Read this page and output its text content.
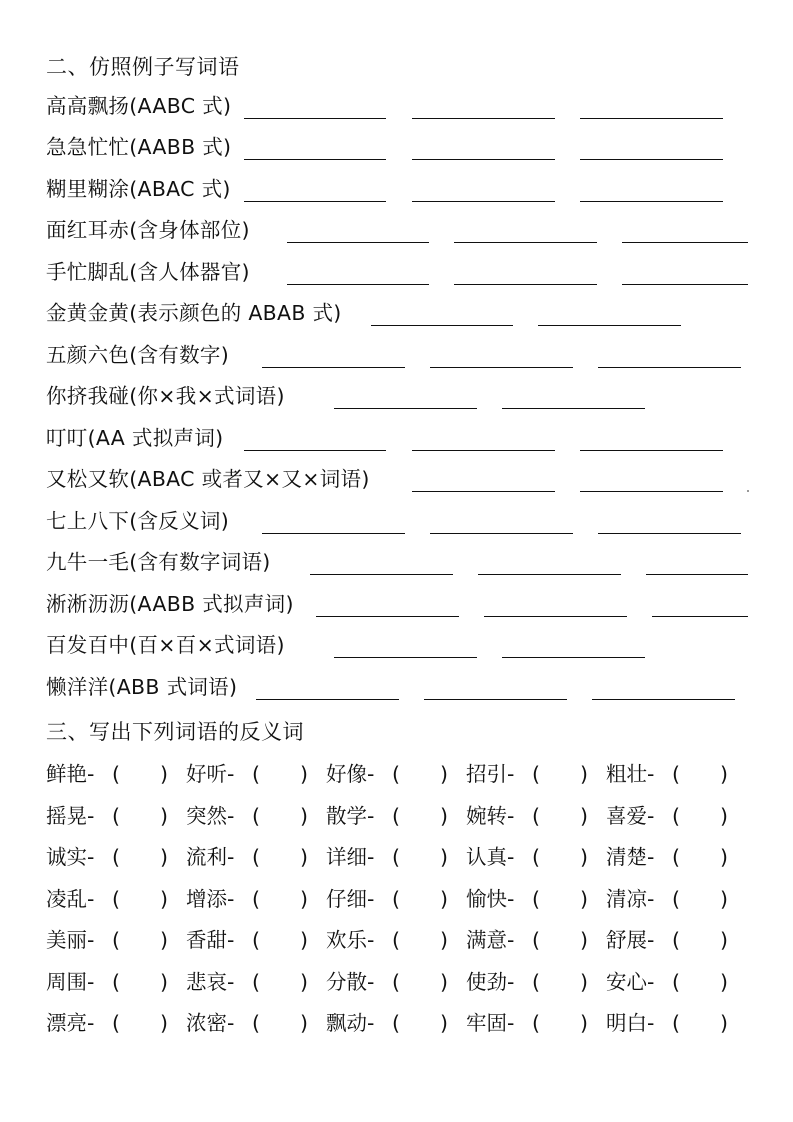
二、仿照例子写词语
高高飘扬(AABC 式)
急急忙忙(AABB 式)
糊里糊涂(ABAC 式)
面红耳赤(含身体部位)
手忙脚乱(含人体器官)
金黄金黄(表示颜色的 ABAB 式)
五颜六色(含有数字)
你挤我碰(你×我×式词语)
叮叮(AA 式拟声词)
又松又软(ABAC 或者又×又×词语)
七上八下(含反义词)
九牛一毛(含有数字词语)
淅淅沥沥(AABB 式拟声词)
百发百中(百×百×式词语)
懒洋洋(ABB 式词语)
三、写出下列词语的反义词
鲜艳- ( ) 好听- ( ) 好像- ( ) 招引- ( ) 粗壮- ( )
摇晃- ( ) 突然- ( ) 散学- ( ) 婉转- ( ) 喜爱- ( )
诚实- ( ) 流利- ( ) 详细- ( ) 认真- ( ) 清楚- ( )
凌乱- ( ) 增添- ( ) 仔细- ( ) 愉快- ( ) 清凉- ( )
美丽- ( ) 香甜- ( ) 欢乐- ( ) 满意- ( ) 舒展- ( )
周围- ( ) 悲哀- ( ) 分散- ( ) 使劲- ( ) 安心- ( )
漂亮- ( ) 浓密- ( ) 飘动- ( ) 牢固- ( ) 明白- ( )
